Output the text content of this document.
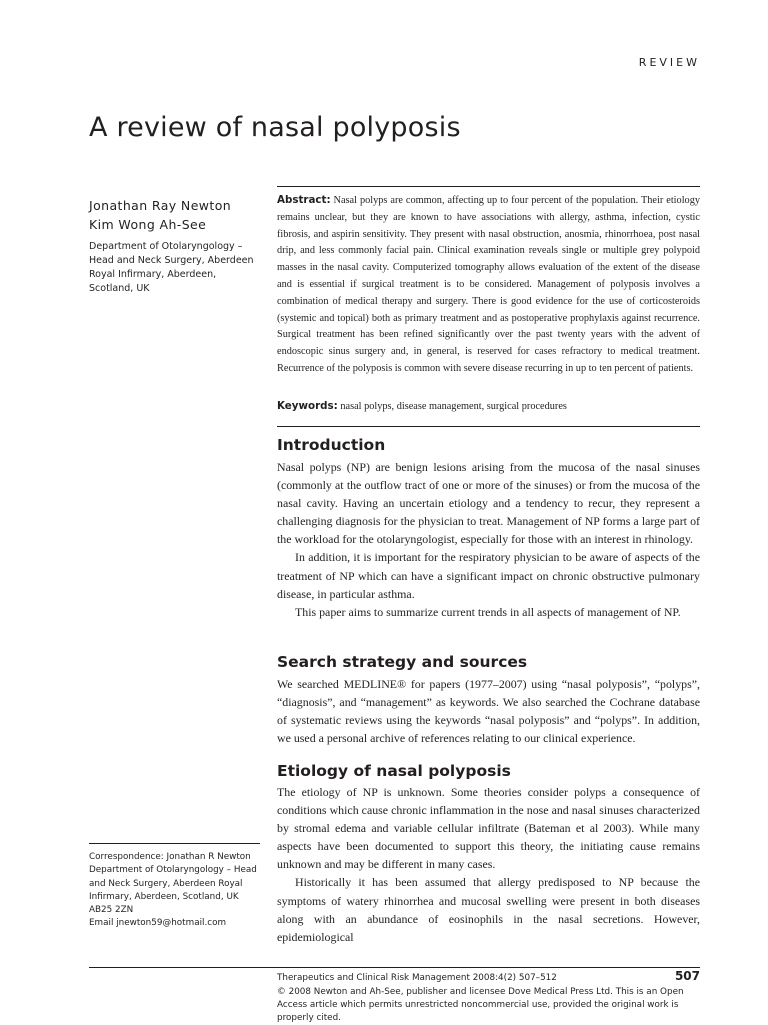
REVIEW
A review of nasal polyposis
Jonathan Ray Newton
Kim Wong Ah-See
Department of Otolaryngology – Head and Neck Surgery, Aberdeen Royal Infirmary, Aberdeen, Scotland, UK
Abstract: Nasal polyps are common, affecting up to four percent of the population. Their etiology remains unclear, but they are known to have associations with allergy, asthma, infection, cystic fibrosis, and aspirin sensitivity. They present with nasal obstruction, anosmia, rhinorrhoea, post nasal drip, and less commonly facial pain. Clinical examination reveals single or multiple grey polypoid masses in the nasal cavity. Computerized tomography allows evaluation of the extent of the disease and is essential if surgical treatment is to be considered. Management of polyposis involves a combination of medical therapy and surgery. There is good evidence for the use of corticosteroids (systemic and topical) both as primary treatment and as postoperative prophylaxis against recurrence. Surgical treatment has been refined significantly over the past twenty years with the advent of endoscopic sinus surgery and, in general, is reserved for cases refractory to medical treatment. Recurrence of the polyposis is common with severe disease recurring in up to ten percent of patients.
Keywords: nasal polyps, disease management, surgical procedures
Introduction

Nasal polyps (NP) are benign lesions arising from the mucosa of the nasal sinuses (commonly at the outflow tract of one or more of the sinuses) or from the mucosa of the nasal cavity. Having an uncertain etiology and a tendency to recur, they represent a challenging diagnosis for the physician to treat. Management of NP forms a large part of the workload for the otolaryngologist, especially for those with an interest in rhinology.

In addition, it is important for the respiratory physician to be aware of aspects of the treatment of NP which can have a significant impact on chronic obstructive pulmonary disease, in particular asthma.

This paper aims to summarize current trends in all aspects of management of NP.

Search strategy and sources

We searched MEDLINE® for papers (1977–2007) using “nasal polyposis”, “polyps”, “diagnosis”, and “management” as keywords. We also searched the Cochrane database of systematic reviews using the keywords “nasal polyposis” and “polyps”. In addition, we used a personal archive of references relating to our clinical experience.

Etiology of nasal polyposis

The etiology of NP is unknown. Some theories consider polyps a consequence of conditions which cause chronic inflammation in the nose and nasal sinuses characterized by stromal edema and variable cellular infiltrate (Bateman et al 2003). While many aspects have been documented to support this theory, the initiating cause remains unknown and may be different in many cases.

Historically it has been assumed that allergy predisposed to NP because the symptoms of watery rhinorrhea and mucosal swelling were present in both diseases along with an abundance of eosinophils in the nasal secretions. However, epidemiological

Correspondence: Jonathan R Newton Department of Otolaryngology – Head and Neck Surgery, Aberdeen Royal Infirmary, Aberdeen, Scotland, UK AB25 2ZN
Email jnewton59@hotmail.com
Therapeutics and Clinical Risk Management 2008:4(2) 507–512	507
© 2008 Newton and Ah-See, publisher and licensee Dove Medical Press Ltd. This is an Open Access article which permits unrestricted noncommercial use, provided the original work is properly cited.
